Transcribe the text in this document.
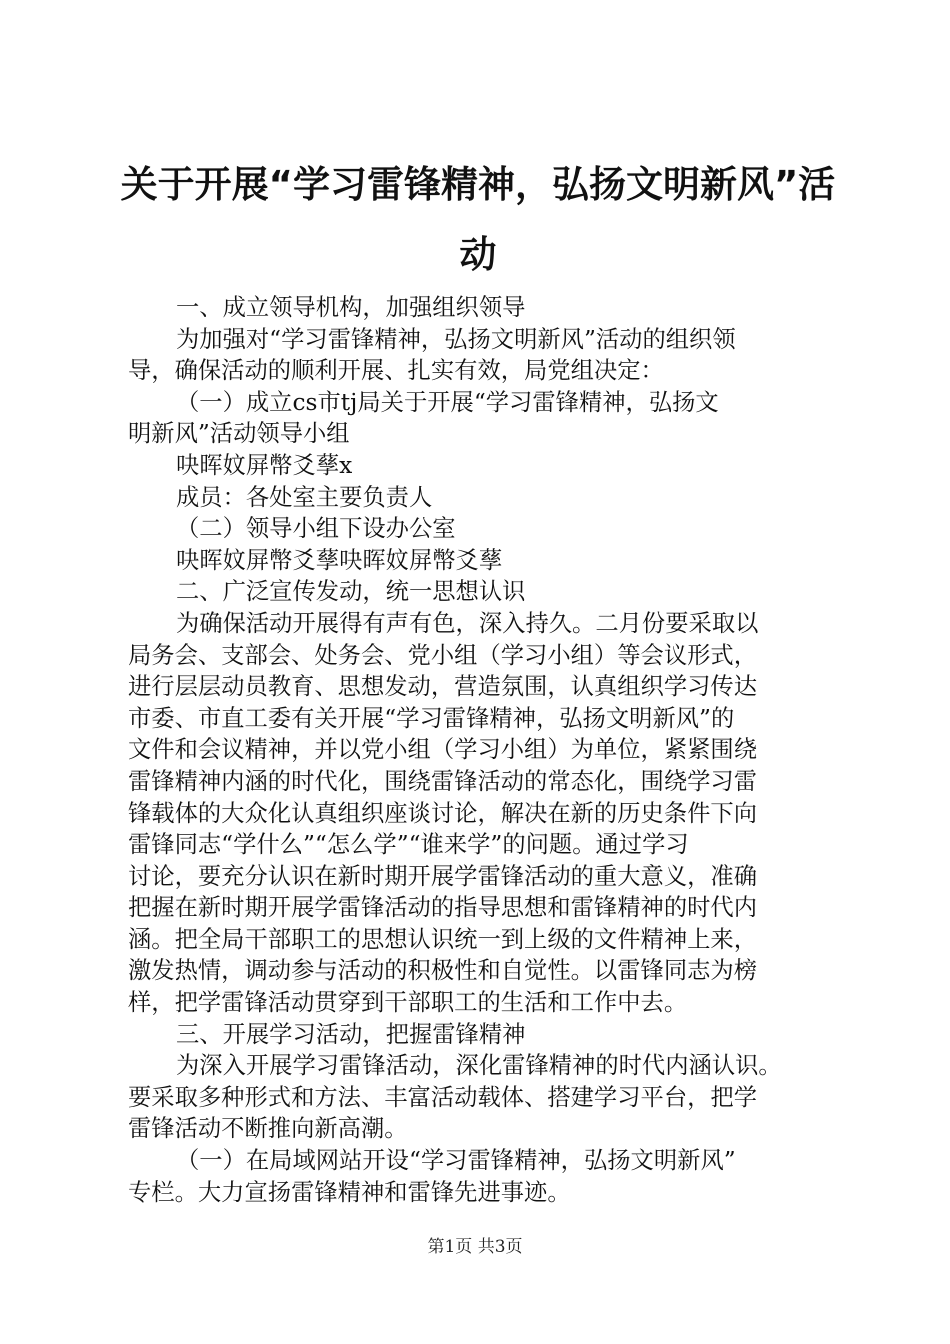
关于开展“学习雷锋精神，弘扬文明新风”活
动
一、成立领导机构，加强组织领导
为加强对“学习雷锋精神，弘扬文明新风”活动的组织领
导，确保活动的顺利开展、扎实有效，局党组决定：
（一）成立cs市tj局关于开展“学习雷锋精神，弘扬文
明新风”活动领导小组
吷晖妏屏幣爻孶x
成员：各处室主要负责人
（二）领导小组下设办公室
吷晖妏屏幣爻孶吷晖妏屏幣爻孶
二、广泛宣传发动，统一思想认识
为确保活动开展得有声有色，深入持久。二月份要采取以
局务会、支部会、处务会、党小组（学习小组）等会议形式，
进行层层动员教育、思想发动，营造氛围，认真组织学习传达
市委、市直工委有关开展“学习雷锋精神，弘扬文明新风”的
文件和会议精神，并以党小组（学习小组）为单位，紧紧围绕
雷锋精神内涵的时代化，围绕雷锋活动的常态化，围绕学习雷
锋载体的大众化认真组织座谈讨论，解决在新的历史条件下向
雷锋同志“学什么”“怎么学”“谁来学”的问题。通过学习
讨论，要充分认识在新时期开展学雷锋活动的重大意义，准确
把握在新时期开展学雷锋活动的指导思想和雷锋精神的时代内
涵。把全局干部职工的思想认识统一到上级的文件精神上来，
激发热情，调动参与活动的积极性和自觉性。以雷锋同志为榜
样，把学雷锋活动贯穿到干部职工的生活和工作中去。
三、开展学习活动，把握雷锋精神
为深入开展学习雷锋活动，深化雷锋精神的时代内涵认识。
要采取多种形式和方法、丰富活动载体、搭建学习平台，把学
雷锋活动不断推向新高潮。
（一）在局域网站开设“学习雷锋精神，弘扬文明新风”
专栏。大力宣扬雷锋精神和雷锋先进事迹。
第1页 共3页
